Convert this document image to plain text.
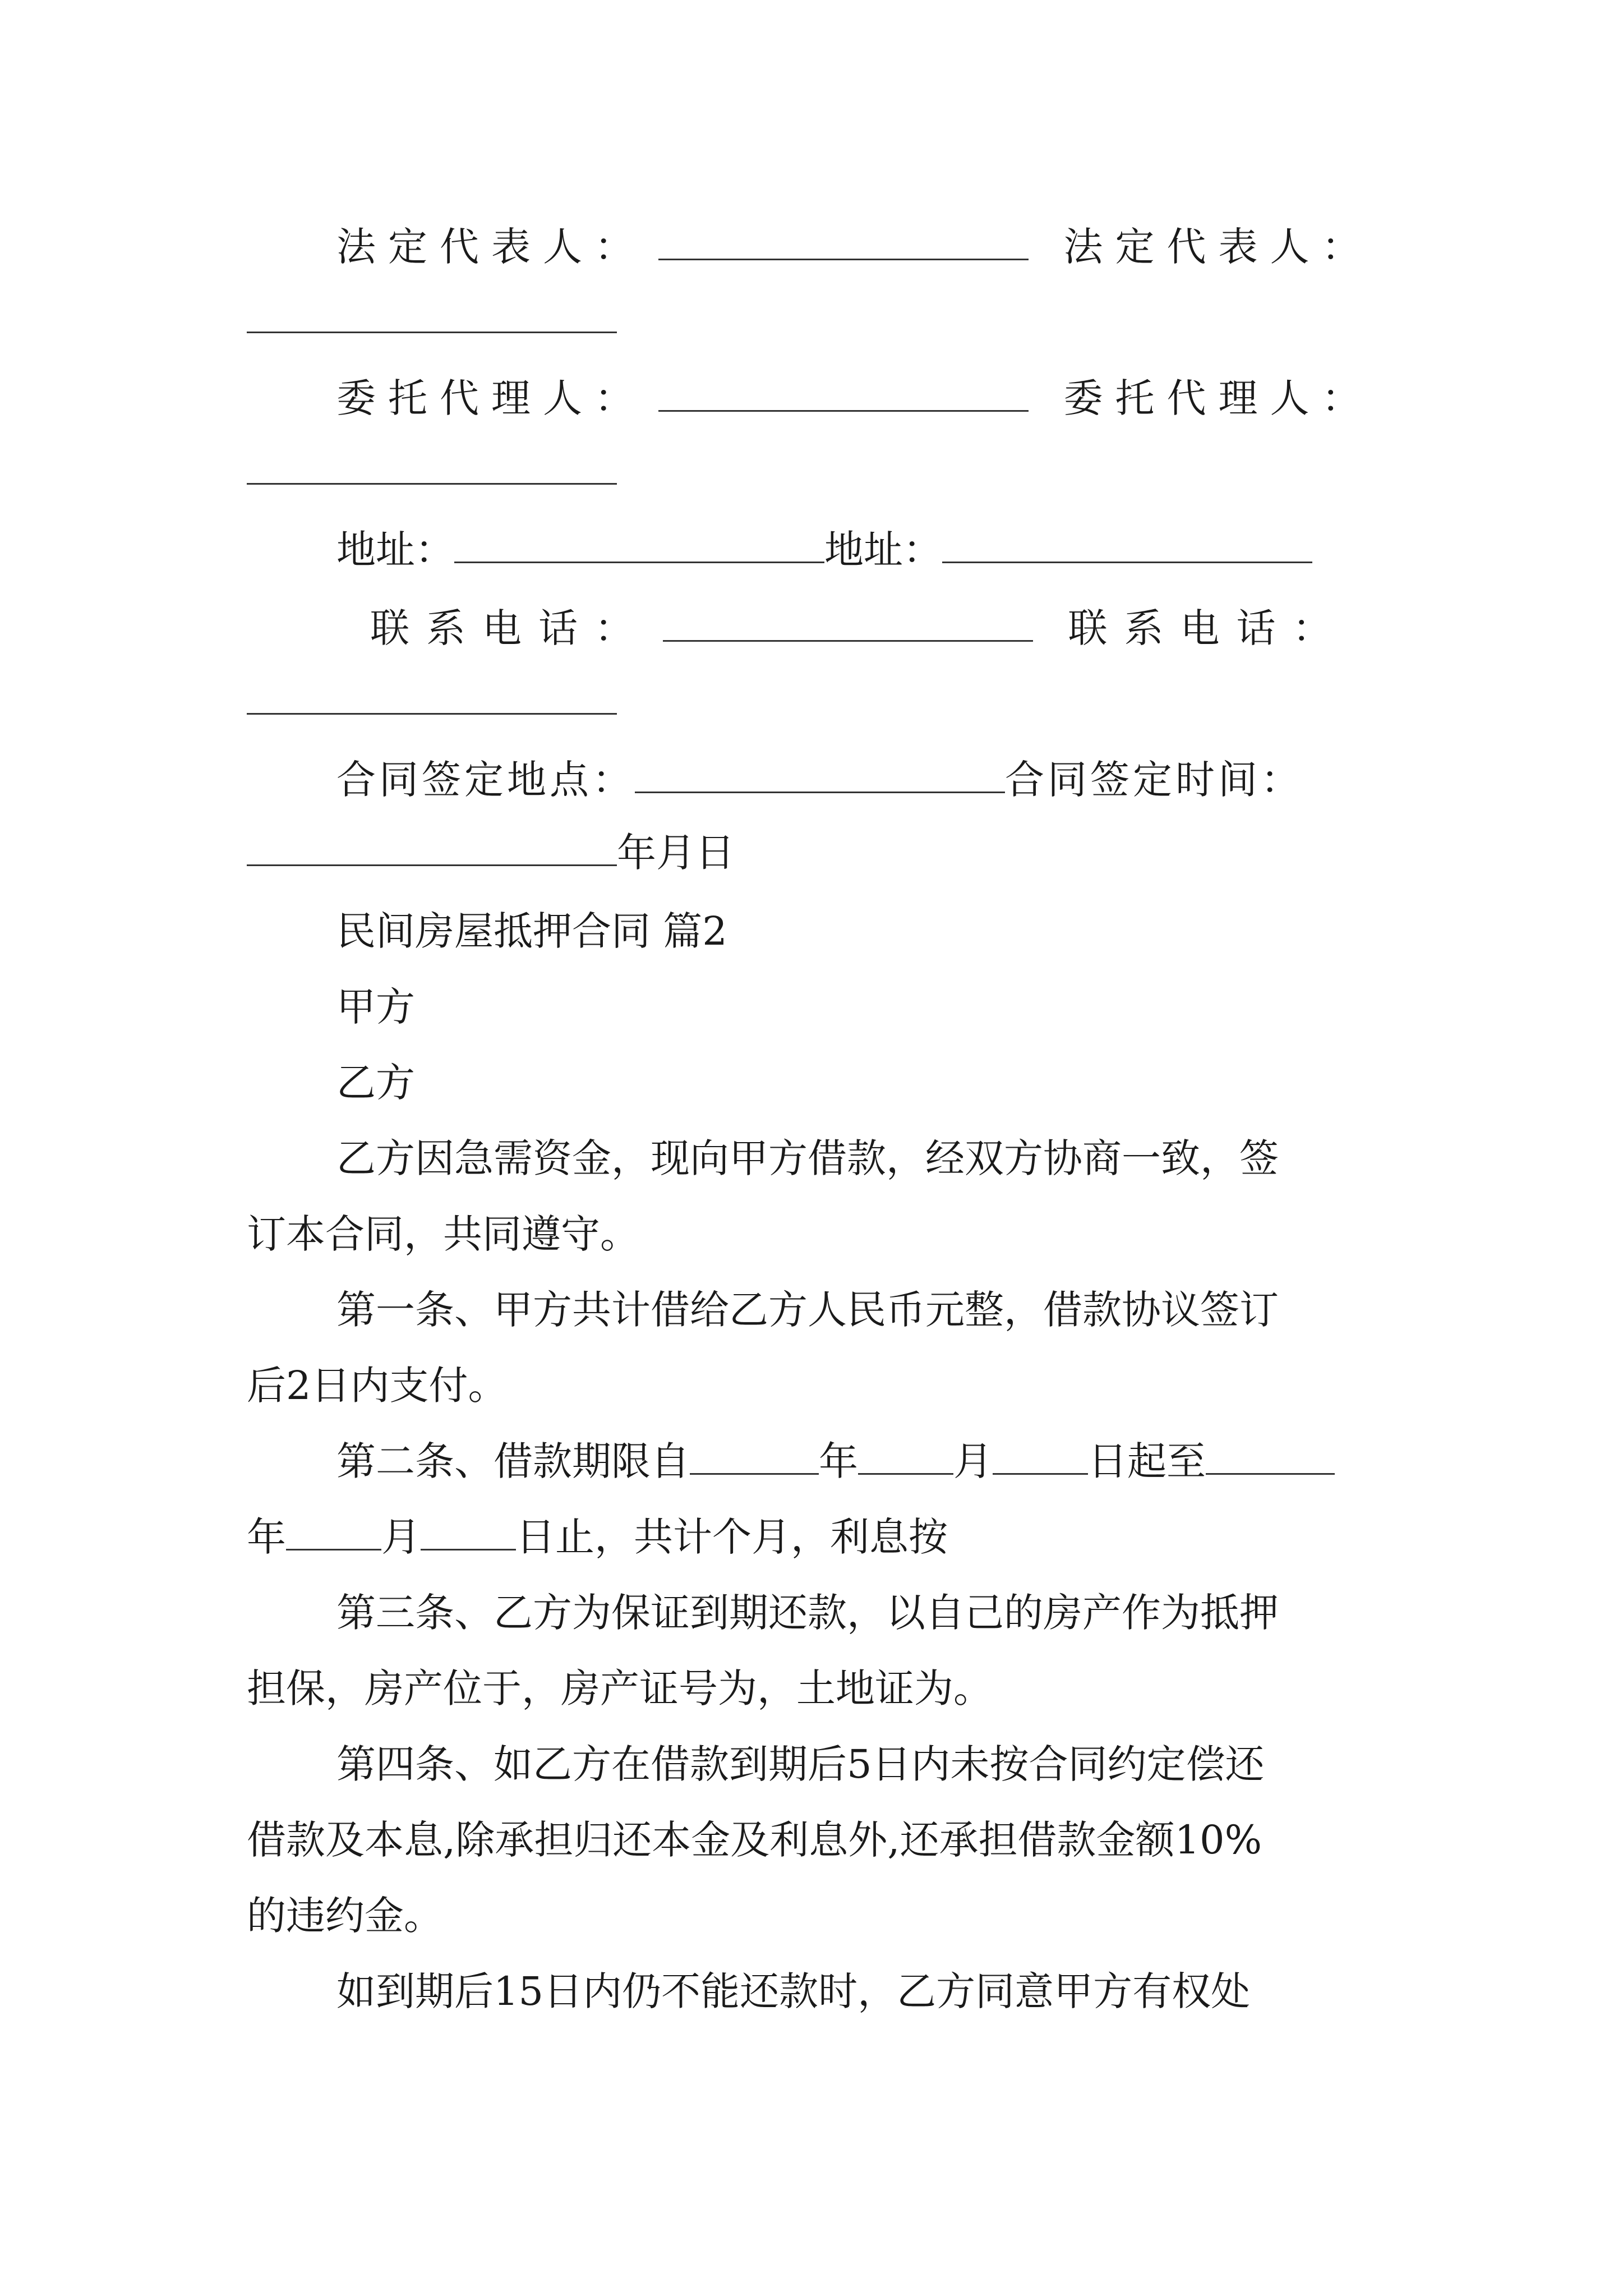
法定代表人：	法定代表人：
委托代理人：	委托代理人：
地址：	地址：
联系电话：	联系电话：
合同签定地点：	合同签定时间：
年月日
民间房屋抵押合同 篇2
甲方
乙方
乙方因急需资金，现向甲方借款，经双方协商一致，签
订本合同，共同遵守。
第一条、甲方共计借给乙方人民币元整，借款协议签订
后2日内支付。
第二条、借款期限自	年 月 日起至
年 月 日止，共计个月，利息按
第三条、乙方为保证到期还款，以自己的房产作为抵押
担保，房产位于，房产证号为，土地证为。
第四条、如乙方在借款到期后5日内未按合同约定偿还
借款及本息,除承担归还本金及利息外,还承担借款金额10%
的违约金。
如到期后15日内仍不能还款时，乙方同意甲方有权处
